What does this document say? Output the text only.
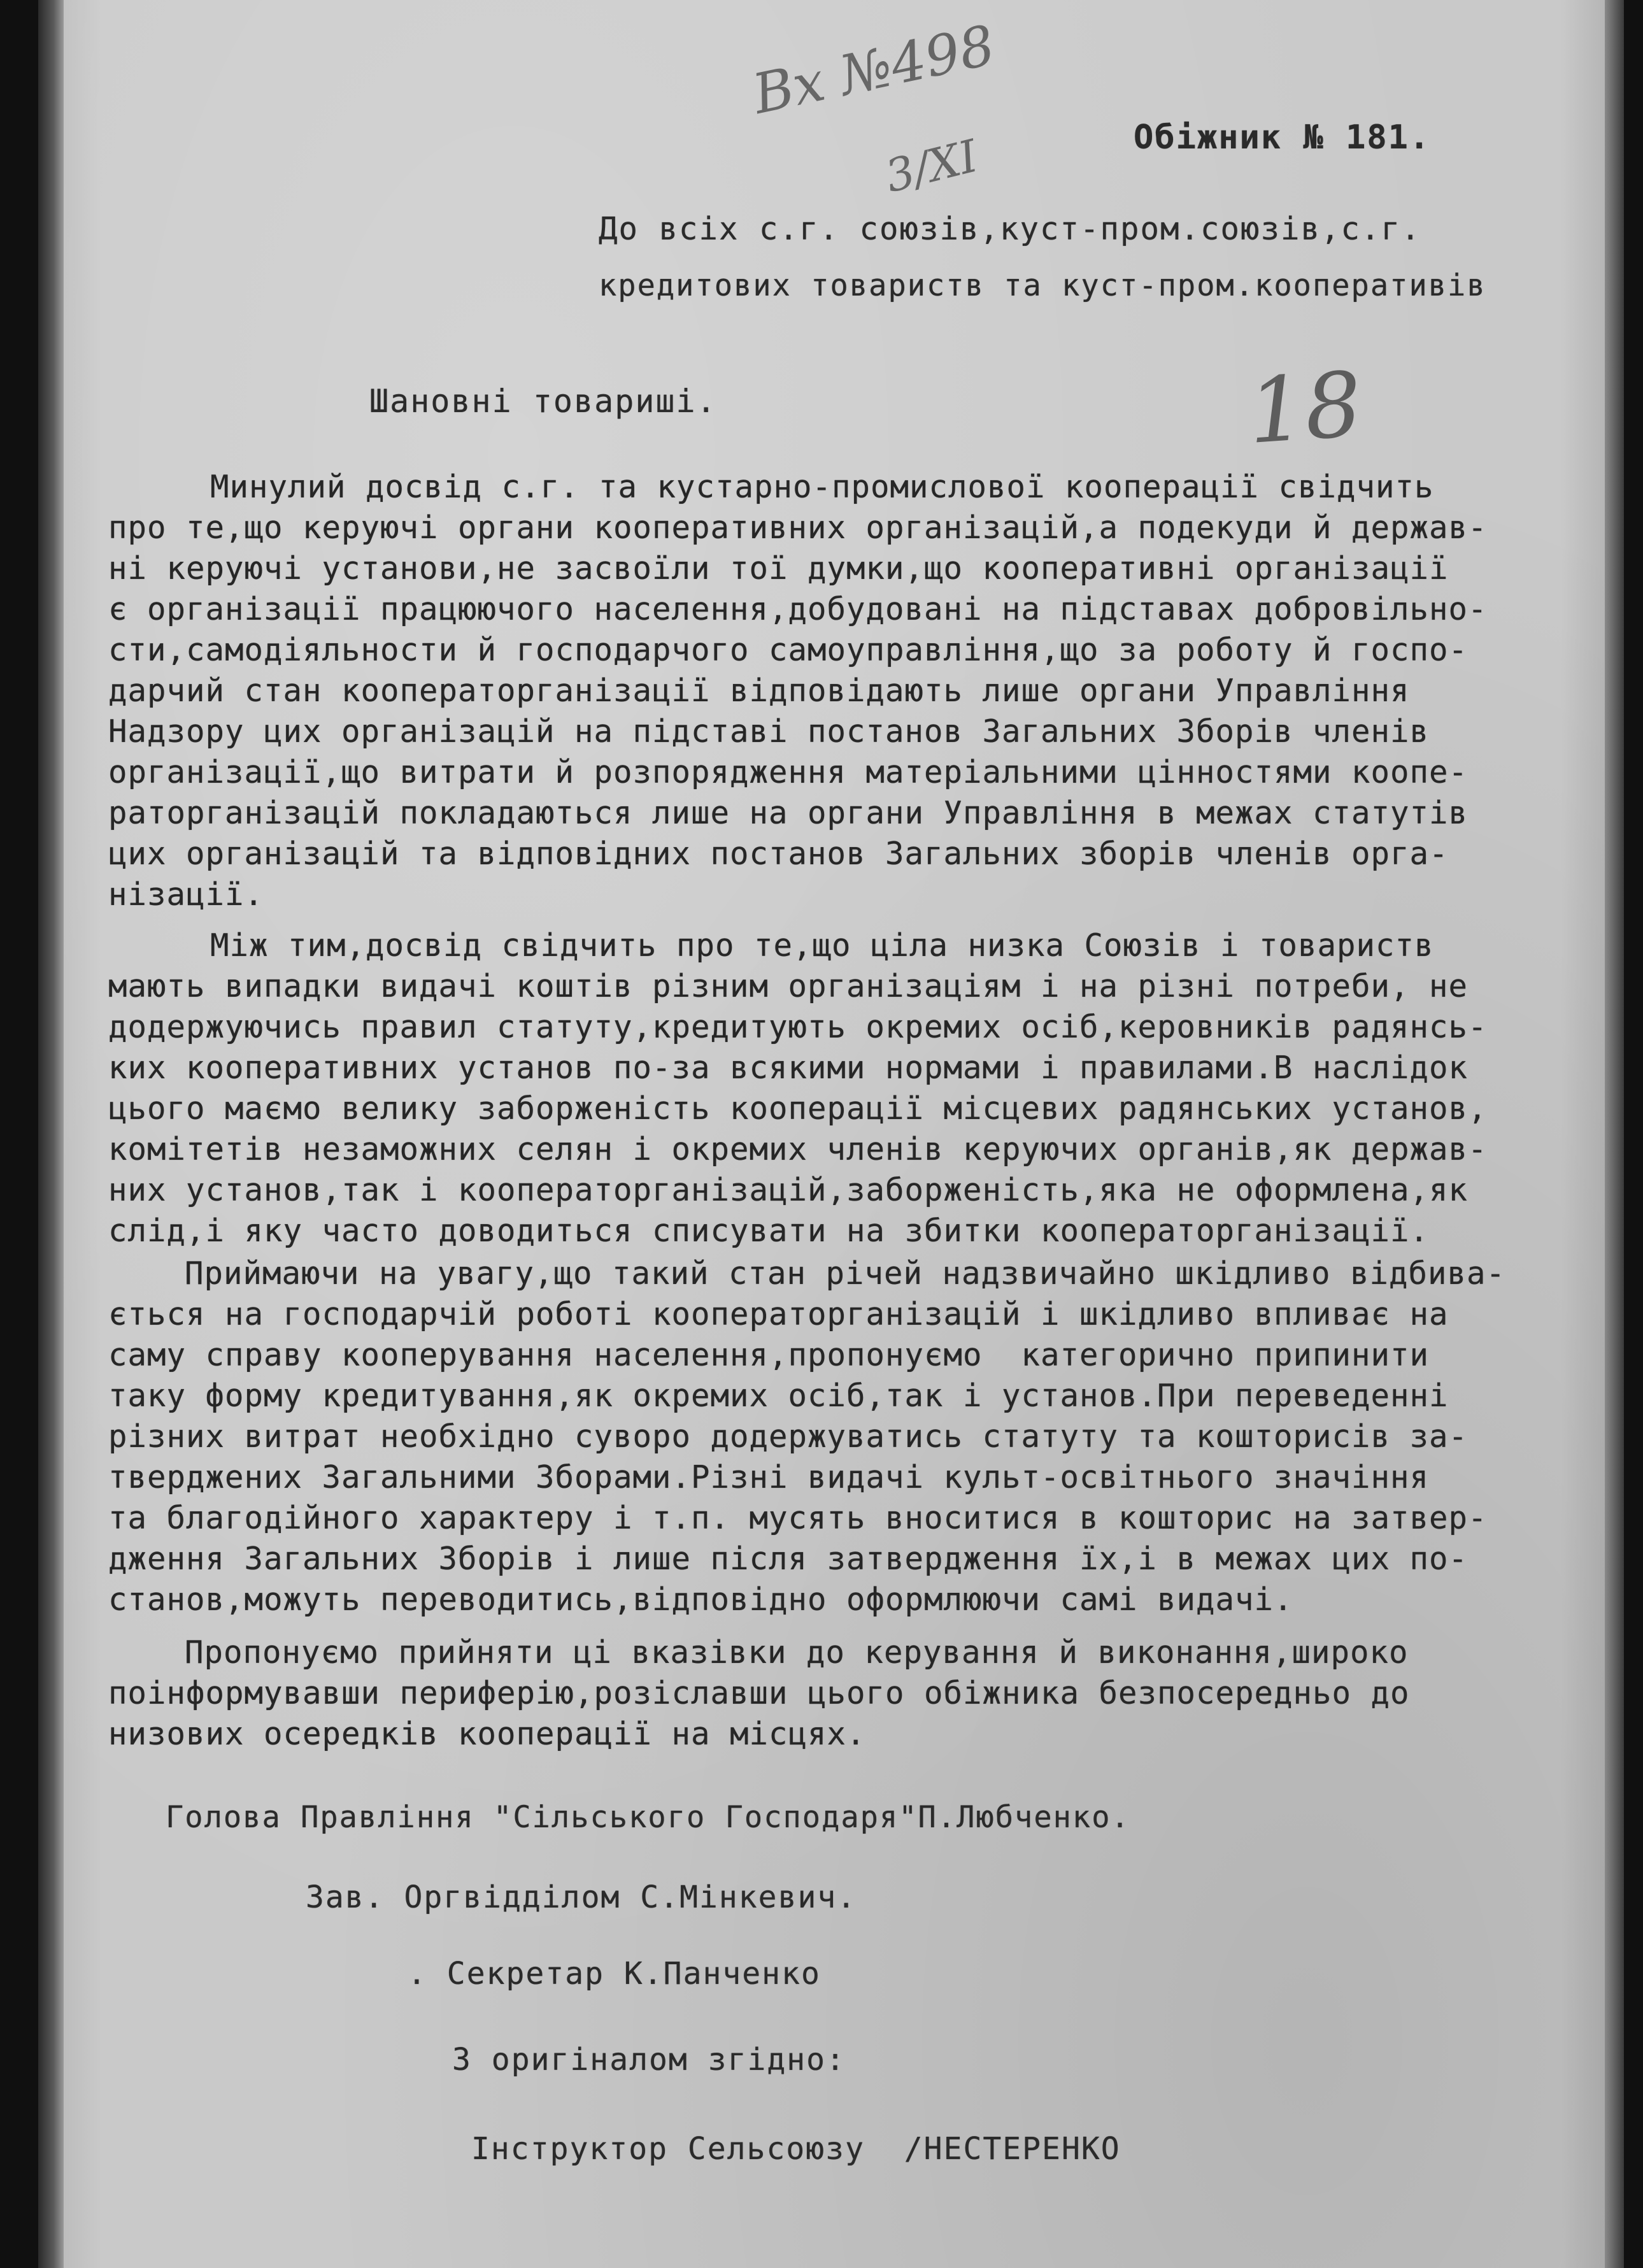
Вх №498
3/XI
18
Обіжник № 181.
До всіх с.г. союзів,куст-пром.союзів,с.г.
кредитових товариств та куст-пром.кооперативів
Шановні товариші.
Минулий досвід с.г. та кустарно-промислової кооперації свідчить
про те,що керуючі органи кооперативних організацій,а подекуди й держав-
ні керуючі установи,не засвоїли тої думки,що кооперативні організації
є організації працюючого населення,добудовані на підставах добровільно-
сти,самодіяльности й господарчого самоуправління,що за роботу й госпо-
дарчий стан кооператорганізації відповідають лише органи Управління
Надзору цих організацій на підставі постанов Загальних Зборів членів
організації,що витрати й розпорядження матеріальними цінностями коопе-
раторганізацій покладаються лише на органи Управління в межах статутів
цих організацій та відповідних постанов Загальних зборів членів орга-
нізації.
Між тим,досвід свідчить про те,що ціла низка Союзів і товариств
мають випадки видачі коштів різним організаціям і на різні потреби, не
додержуючись правил статуту,кредитують окремих осіб,керовників радянсь-
ких кооперативних установ по-за всякими нормами і правилами.В наслідок
цього маємо велику заборженість кооперації місцевих радянських установ,
комітетів незаможних селян і окремих членів керуючих органів,як держав-
них установ,так і кооператорганізацій,заборженість,яка не оформлена,як
слід,і яку часто доводиться списувати на збитки кооператорганізації.
Приймаючи на увагу,що такий стан річей надзвичайно шкідливо відбива-
ється на господарчій роботі кооператорганізацій і шкідливо впливає на
саму справу кооперування населення,пропонуємо  категорично припинити
таку форму кредитування,як окремих осіб,так і установ.При переведенні
різних витрат необхідно суворо додержуватись статуту та кошторисів за-
тверджених Загальними Зборами.Різні видачі культ-освітнього значіння
та благодійного характеру і т.п. мусять вноситися в кошторис на затвер-
дження Загальних Зборів і лише після затвердження їх,і в межах цих по-
станов,можуть переводитись,відповідно оформлюючи самі видачі.
Пропонуємо прийняти ці вказівки до керування й виконання,широко
поінформувавши периферію,розіславши цього обіжника безпосередньо до
низових осередків кооперації на місцях.
Голова Правління "Сільського Господаря"П.Любченко.
Зав. Оргвідділом С.Мінкевич.
. Секретар К.Панченко
З оригіналом згідно:
Інструктор Сельсоюзу  /НЕСТЕРЕНКО
